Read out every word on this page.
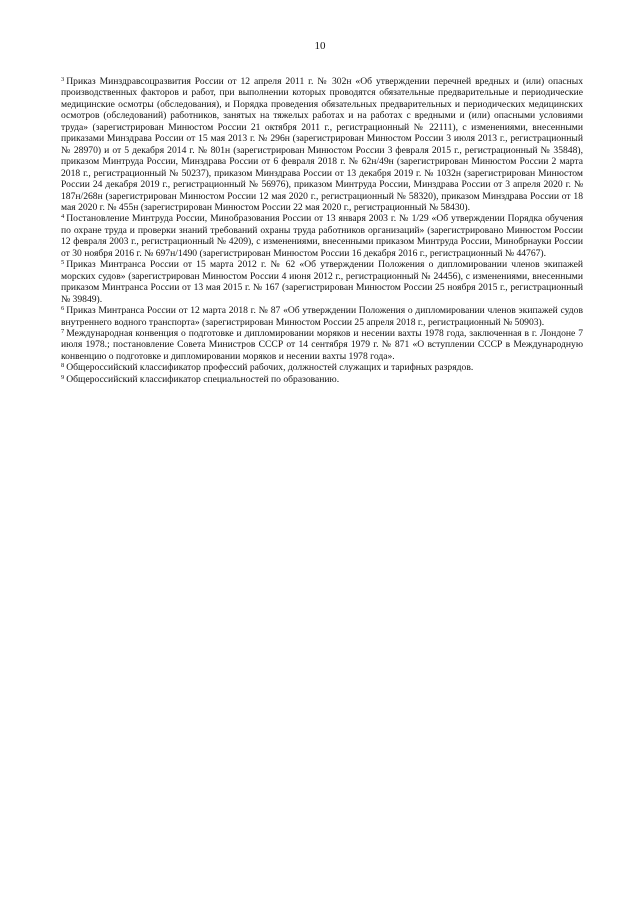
10

$^3$ Приказ Минздравсоцразвития России от 12 апреля 2011 г. № 302н «Об утверждении перечней вредных и (или) опасных производственных факторов и работ, при выполнении которых проводятся обязательные предварительные и периодические медицинские осмотры (обследования), и Порядка проведения обязательных предварительных и периодических медицинских осмотров (обследований) работников, занятых на тяжелых работах и на работах с вредными и (или) опасными условиями труда» (зарегистрирован Минюстом России 21 октября 2011 г., регистрационный № 22111), с изменениями, внесенными приказами Минздрава России от 15 мая 2013 г. № 296н (зарегистрирован Минюстом России 3 июля 2013 г., регистрационный № 28970) и от 5 декабря 2014 г. № 801н (зарегистрирован Минюстом России 3 февраля 2015 г., регистрационный № 35848), приказом Минтруда России, Минздрава России от 6 февраля 2018 г. № 62н/49н (зарегистрирован Минюстом России 2 марта 2018 г., регистрационный № 50237), приказом Минздрава России от 13 декабря 2019 г. № 1032н (зарегистрирован Минюстом России 24 декабря 2019 г., регистрационный № 56976), приказом Минтруда России, Минздрава России от 3 апреля 2020 г. № 187н/268н (зарегистрирован Минюстом России 12 мая 2020 г., регистрационный № 58320), приказом Минздрава России от 18 мая 2020 г. № 455н (зарегистрирован Минюстом России 22 мая 2020 г., регистрационный № 58430).

$^4$ Постановление Минтруда России, Минобразования России от 13 января 2003 г. № 1/29 «Об утверждении Порядка обучения по охране труда и проверки знаний требований охраны труда работников организаций» (зарегистрировано Минюстом России 12 февраля 2003 г., регистрационный № 4209), с изменениями, внесенными приказом Минтруда России, Минобрнауки России от 30 ноября 2016 г. № 697н/1490 (зарегистрирован Минюстом России 16 декабря 2016 г., регистрационный № 44767).

$^5$ Приказ Минтранса России от 15 марта 2012 г. № 62 «Об утверждении Положения о дипломировании членов экипажей морских судов» (зарегистрирован Минюстом России 4 июня 2012 г., регистрационный № 24456), с изменениями, внесенными приказом Минтранса России от 13 мая 2015 г. № 167 (зарегистрирован Минюстом России 25 ноября 2015 г., регистрационный № 39849).

$^6$ Приказ Минтранса России от 12 марта 2018 г. № 87 «Об утверждении Положения о дипломировании членов экипажей судов внутреннего водного транспорта» (зарегистрирован Минюстом России 25 апреля 2018 г., регистрационный № 50903).

$^7$ Международная конвенция о подготовке и дипломировании моряков и несении вахты 1978 года, заключенная в г. Лондоне 7 июля 1978.; постановление Совета Министров СССР от 14 сентября 1979 г. № 871 «О вступлении СССР в Международную конвенцию о подготовке и дипломировании моряков и несении вахты 1978 года».

$^8$ Общероссийский классификатор профессий рабочих, должностей служащих и тарифных разрядов.

$^9$ Общероссийский классификатор специальностей по образованию.
